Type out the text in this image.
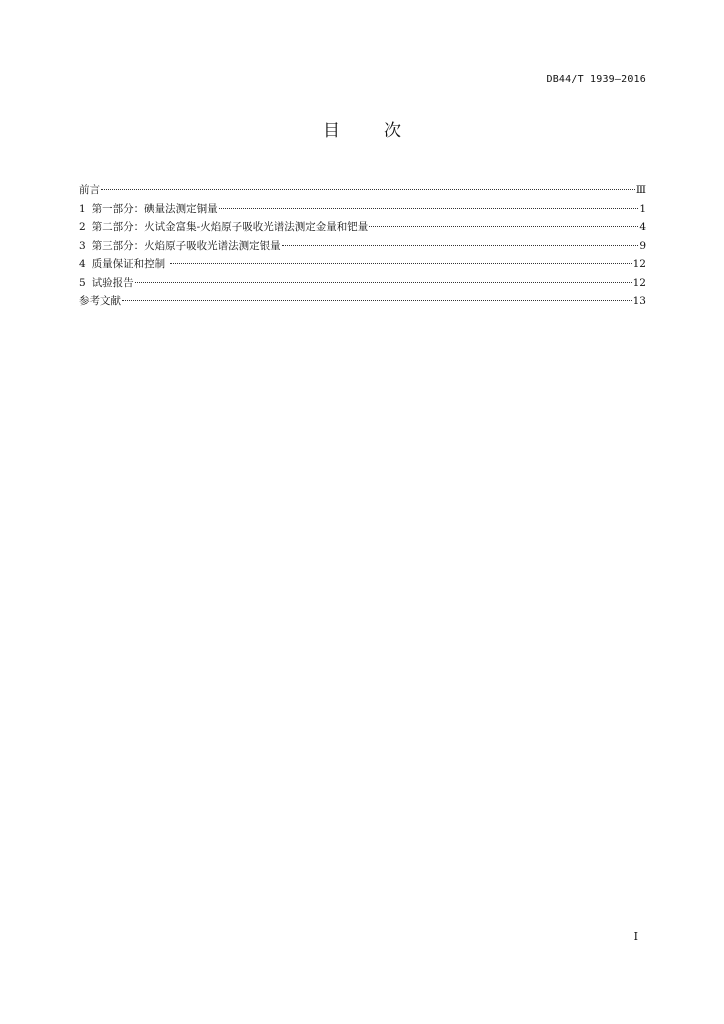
DB44/T 1939—2016
目	次
前言	Ⅲ
1 第一部分：碘量法测定铜量	1
2 第二部分：火试金富集-火焰原子吸收光谱法测定金量和钯量	4
3 第三部分：火焰原子吸收光谱法测定银量	9
4 质量保证和控制	12
5 试验报告	12
参考文献	13
I
